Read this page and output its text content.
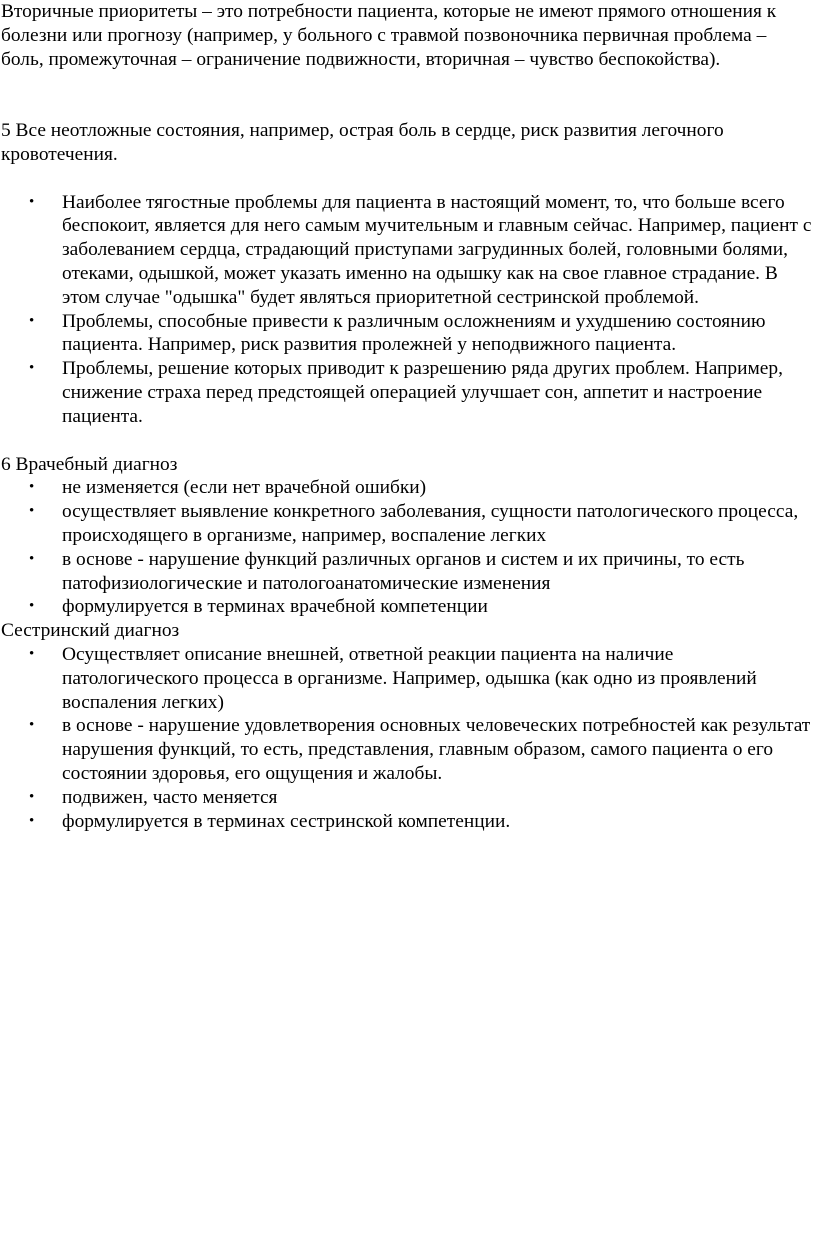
Вторичные приоритеты – это потребности пациента, которые не имеют прямого отношения к болезни или прогнозу (например, у больного с травмой позвоночника первичная проблема – боль, промежуточная – ограничение подвижности, вторичная – чувство беспокойства).

5 Все неотложные состояния, например, острая боль в сердце, риск развития легочного кровотечения.

• Наиболее тягостные проблемы для пациента в настоящий момент, то, что больше всего беспокоит, является для него самым мучительным и главным сейчас. Например, пациент с заболеванием сердца, страдающий приступами загрудинных болей, головными болями, отеками, одышкой, может указать именно на одышку как на свое главное страдание. В этом случае "одышка" будет являться приоритетной сестринской проблемой.
• Проблемы, способные привести к различным осложнениям и ухудшению состоянию пациента. Например, риск развития пролежней у неподвижного пациента.
• Проблемы, решение которых приводит к разрешению ряда других проблем. Например, снижение страха перед предстоящей операцией улучшает сон, аппетит и настроение пациента.

6 Врачебный диагноз

• не изменяется (если нет врачебной ошибки)
• осуществляет выявление конкретного заболевания, сущности патологического процесса, происходящего в организме, например, воспаление легких
• в основе - нарушение функций различных органов и систем и их причины, то есть патофизиологические и патологоанатомические изменения
• формулируется в терминах врачебной компетенции

Сестринский диагноз

• Осуществляет описание внешней, ответной реакции пациента на наличие патологического процесса в организме. Например, одышка (как одно из проявлений воспаления легких)
• в основе - нарушение удовлетворения основных человеческих потребностей как результат нарушения функций, то есть, представления, главным образом, самого пациента о его состоянии здоровья, его ощущения и жалобы.
• подвижен, часто меняется
• формулируется в терминах сестринской компетенции.
